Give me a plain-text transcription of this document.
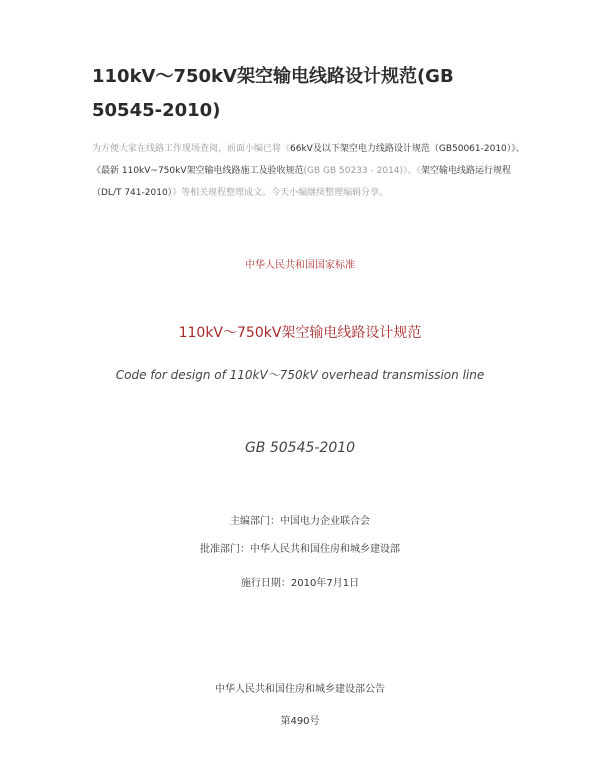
110kV～750kV架空输电线路设计规范(GB 50545-2010)

为方便大家在线路工作现场查阅，前面小编已将《66kV及以下架空电力线路设计规范（GB50061-2010）》、《最新 110kV~750kV架空输电线路施工及验收规范(GB GB 50233 - 2014)》、《架空输电线路运行规程（DL/T 741-2010）》等相关规程整理成文。今天小编继续整理编辑分享。

中华人民共和国国家标准

110kV～750kV架空输电线路设计规范

Code for design of 110kV～750kV overhead transmission line

GB 50545-2010

主编部门：中国电力企业联合会

批准部门：中华人民共和国住房和城乡建设部

施行日期：2010年7月1日

中华人民共和国住房和城乡建设部公告

第490号
